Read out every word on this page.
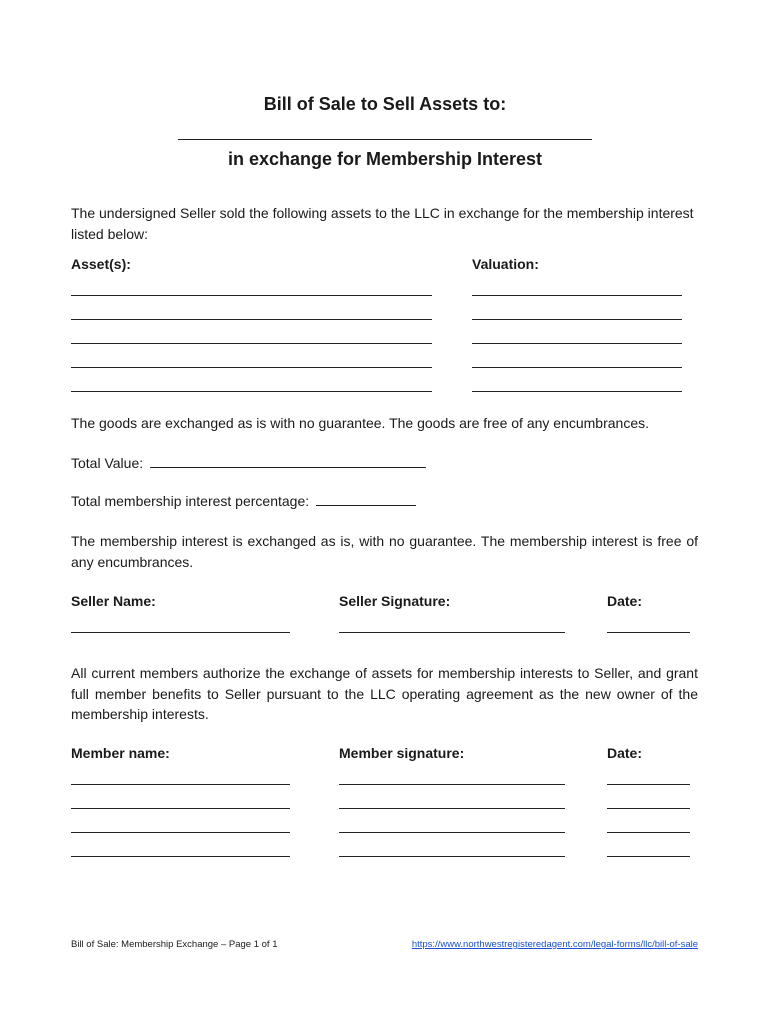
Bill of Sale to Sell Assets to:
in exchange for Membership Interest
The undersigned Seller sold the following assets to the LLC in exchange for the membership interest listed below:
Asset(s):	Valuation:
The goods are exchanged as is with no guarantee. The goods are free of any encumbrances.
Total Value:
Total membership interest percentage:
The membership interest is exchanged as is, with no guarantee. The membership interest is free of any encumbrances.
Seller Name:	Seller Signature:	Date:
All current members authorize the exchange of assets for membership interests to Seller, and grant full member benefits to Seller pursuant to the LLC operating agreement as the new owner of the membership interests.
Member name:	Member signature:	Date:
Bill of Sale: Membership Exchange – Page 1 of 1	https://www.northwestregisteredagent.com/legal-forms/llc/bill-of-sale
